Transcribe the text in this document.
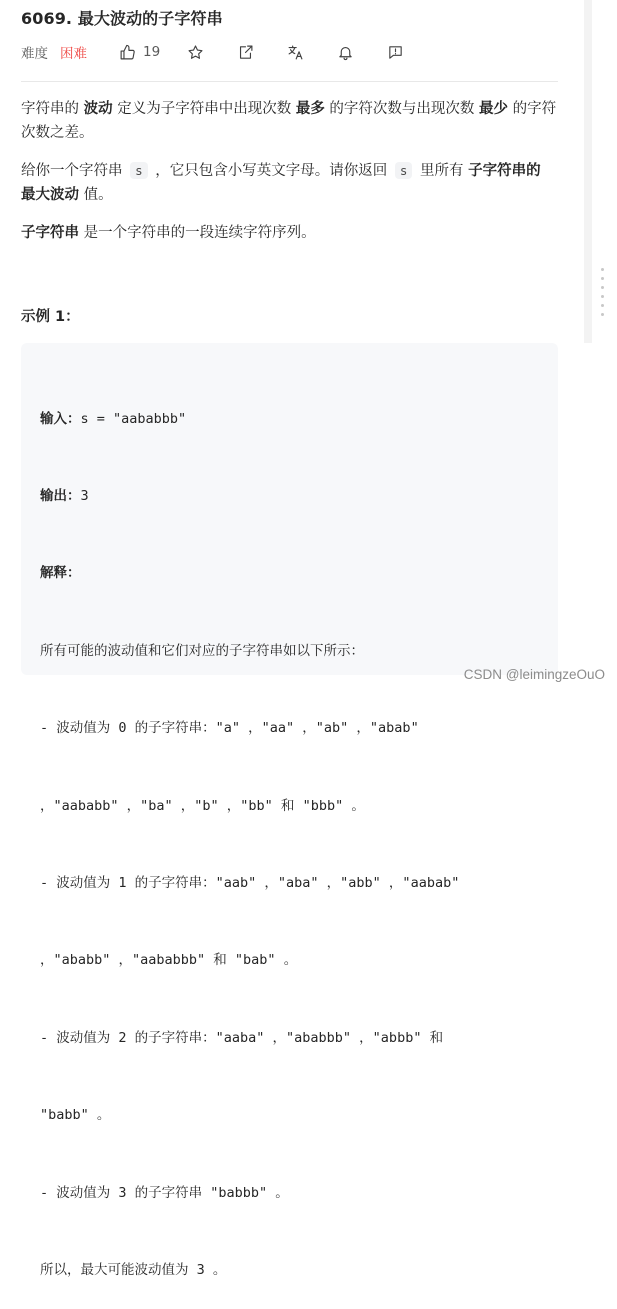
6069. 最大波动的子字符串
难度 困难	19

字符串的 波动 定义为子字符串中出现次数 最多 的字符次数与出现次数 最少 的字符次数之差。

给你一个字符串 s ，它只包含小写英文字母。请你返回 s 里所有 子字符串的 最大波动 值。

子字符串 是一个字符串的一段连续字符序列。

示例 1：

输入：s = "aababbb"

输出：3

解释：

所有可能的波动值和它们对应的子字符串如以下所示：

- 波动值为 0 的子字符串："a" ，"aa" ，"ab" ，"abab"

，"aababb" ，"ba" ，"b" ，"bb" 和 "bbb" 。

- 波动值为 1 的子字符串："aab" ，"aba" ，"abb" ，"aabab"

，"ababb" ，"aababbb" 和 "bab" 。

- 波动值为 2 的子字符串："aaba" ，"ababbb" ，"abbb" 和

"babb" 。

- 波动值为 3 的子字符串 "babbb" 。

所以，最大可能波动值为 3 。

CSDN @leimingzeOuO
